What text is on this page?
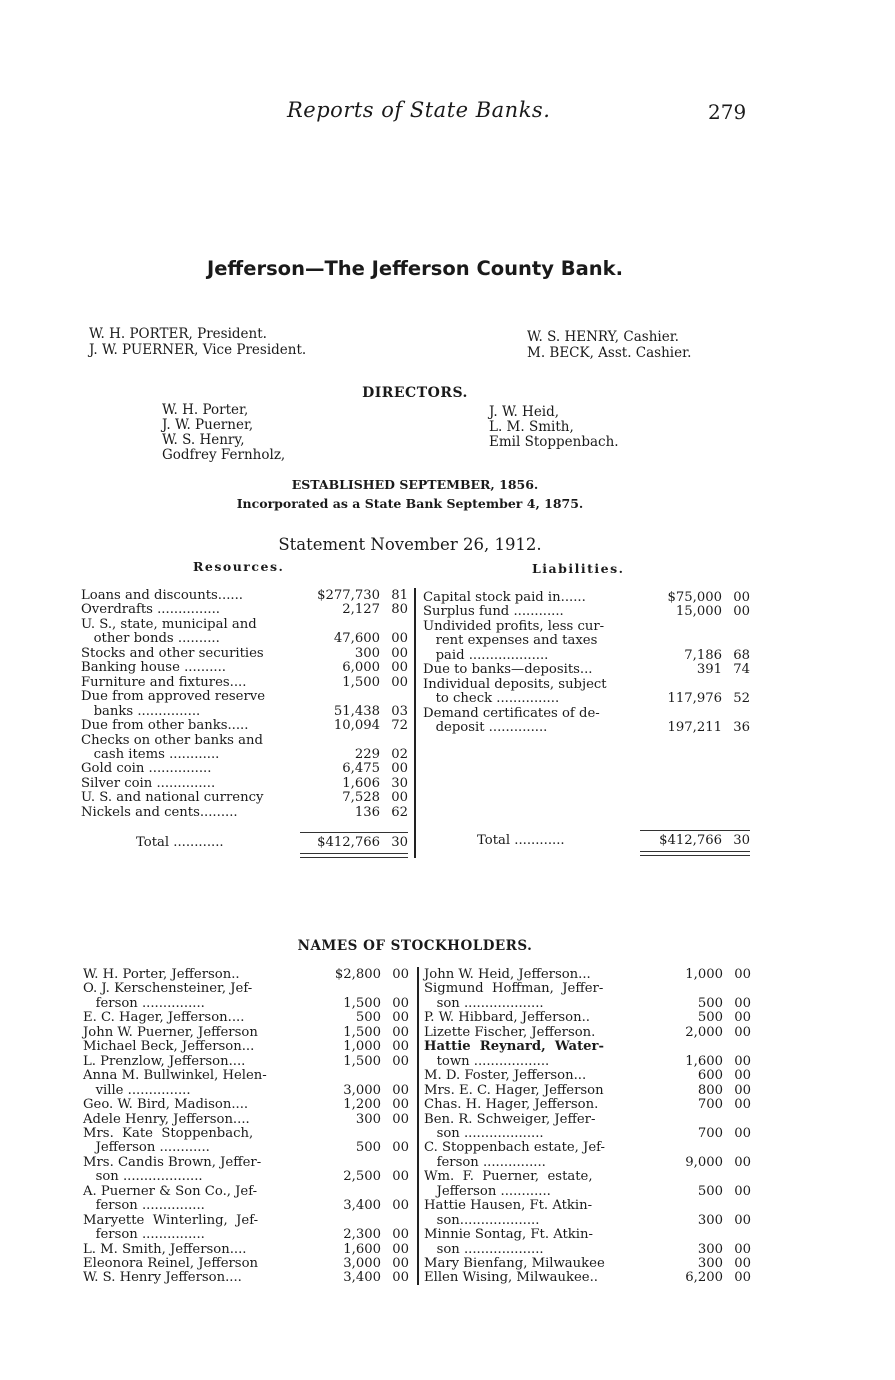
Reports of State Banks.	279
Jefferson—The Jefferson County Bank.
W. H. PORTER, President.
J. W. PUERNER, Vice President.
W. S. HENRY, Cashier.
M. BECK, Asst. Cashier.
DIRECTORS.
W. H. Porter,
J. W. Puerner,
W. S. Henry,
Godfrey Fernholz,
J. W. Heid,
L. M. Smith,
Emil Stoppenbach.
ESTABLISHED SEPTEMBER, 1856.
Incorporated as a State Bank September 4, 1875.
Statement November 26, 1912.
Resources.	Liabilities.
Loans and discounts......	$277,730 81
Overdrafts ...............	2,127 80
U. S., state, municipal and
other bonds ..........	47,600 00
Stocks and other securities	300 00
Banking house ..........	6,000 00
Furniture and fixtures....	1,500 00
Due from approved reserve
banks ...............	51,438 03
Due from other banks.....	10,094 72
Checks on other banks and
cash items ............	229 02
Gold coin ...............	6,475 00
Silver coin ..............	1,606 30
U. S. and national currency	7,528 00
Nickels and cents.........	136 62
Capital stock paid in......	$75,000 00
Surplus fund ............	15,000 00
Undivided profits, less cur-
rent expenses and taxes
paid ...................	7,186 68
Due to banks—deposits...	391 74
Individual deposits, subject
to check ...............	117,976 52
Demand certificates of de-
deposit ..............	197,211 36
Total ............	$412,766 30	Total ............	$412,766 30
NAMES OF STOCKHOLDERS.
W. H. Porter, Jefferson..	$2,800 00
O. J. Kerschensteiner, Jef-
ferson ...............	1,500 00
E. C. Hager, Jefferson....	500 00
John W. Puerner, Jefferson	1,500 00
Michael Beck, Jefferson...	1,000 00
L. Prenzlow, Jefferson....	1,500 00
Anna M. Bullwinkel, Helen-
ville ...............	3,000 00
Geo. W. Bird, Madison....	1,200 00
Adele Henry, Jefferson....	300 00
Mrs.  Kate  Stoppenbach,
Jefferson ............	500 00
Mrs. Candis Brown, Jeffer-
son ...................	2,500 00
A. Puerner & Son Co., Jef-
ferson ...............	3,400 00
Maryette  Winterling,  Jef-
ferson ...............	2,300 00
L. M. Smith, Jefferson....	1,600 00
Eleonora Reinel, Jefferson	3,000 00
W. S. Henry Jefferson....	3,400 00
John W. Heid, Jefferson...	1,000 00
Sigmund  Hoffman,  Jeffer-
son ...................	500 00
P. W. Hibbard, Jefferson..	500 00
Lizette Fischer, Jefferson.	2,000 00
Hattie  Reynard,  Water-
town ..................	1,600 00
M. D. Foster, Jefferson...	600 00
Mrs. E. C. Hager, Jefferson	800 00
Chas. H. Hager, Jefferson.	700 00
Ben. R. Schweiger, Jeffer-
son ...................	700 00
C. Stoppenbach estate, Jef-
ferson ...............	9,000 00
Wm.  F.  Puerner,  estate,
Jefferson ............	500 00
Hattie Hausen, Ft. Atkin-
son...................	300 00
Minnie Sontag, Ft. Atkin-
son ...................	300 00
Mary Bienfang, Milwaukee	300 00
Ellen Wising, Milwaukee..	6,200 00
